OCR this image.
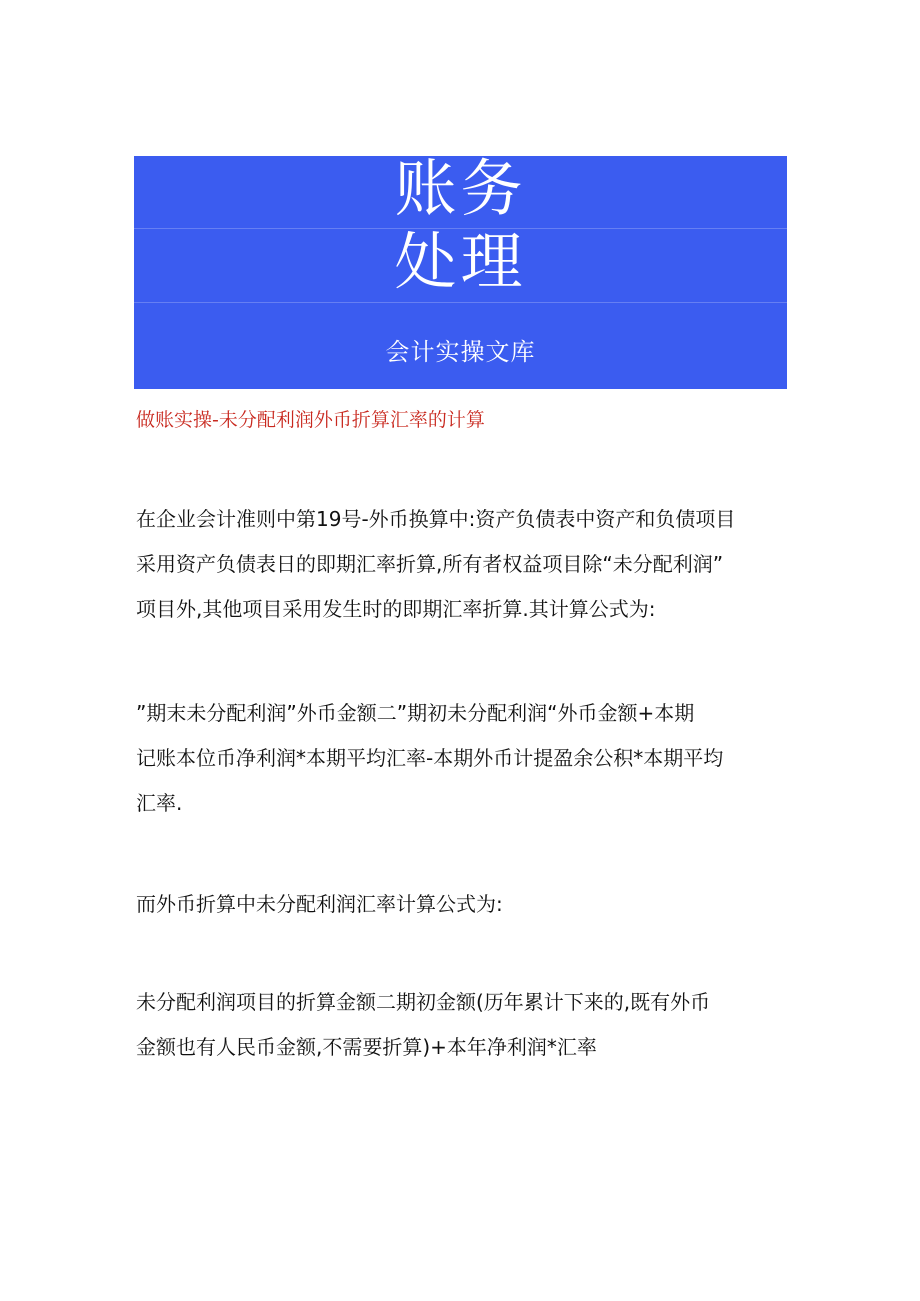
账务
处理
会计实操文库
做账实操-未分配利润外币折算汇率的计算
在企业会计准则中第19号-外币换算中:资产负债表中资产和负债项目
采用资产负债表日的即期汇率折算,所有者权益项目除“未分配利润”
项目外,其他项目采用发生时的即期汇率折算.其计算公式为:
”期末未分配利润”外币金额二”期初未分配利润“外币金额+本期
记账本位币净利润*本期平均汇率-本期外币计提盈余公积*本期平均
汇率.
而外币折算中未分配利润汇率计算公式为:
未分配利润项目的折算金额二期初金额(历年累计下来的,既有外币
金额也有人民币金额,不需要折算)+本年净利润*汇率
